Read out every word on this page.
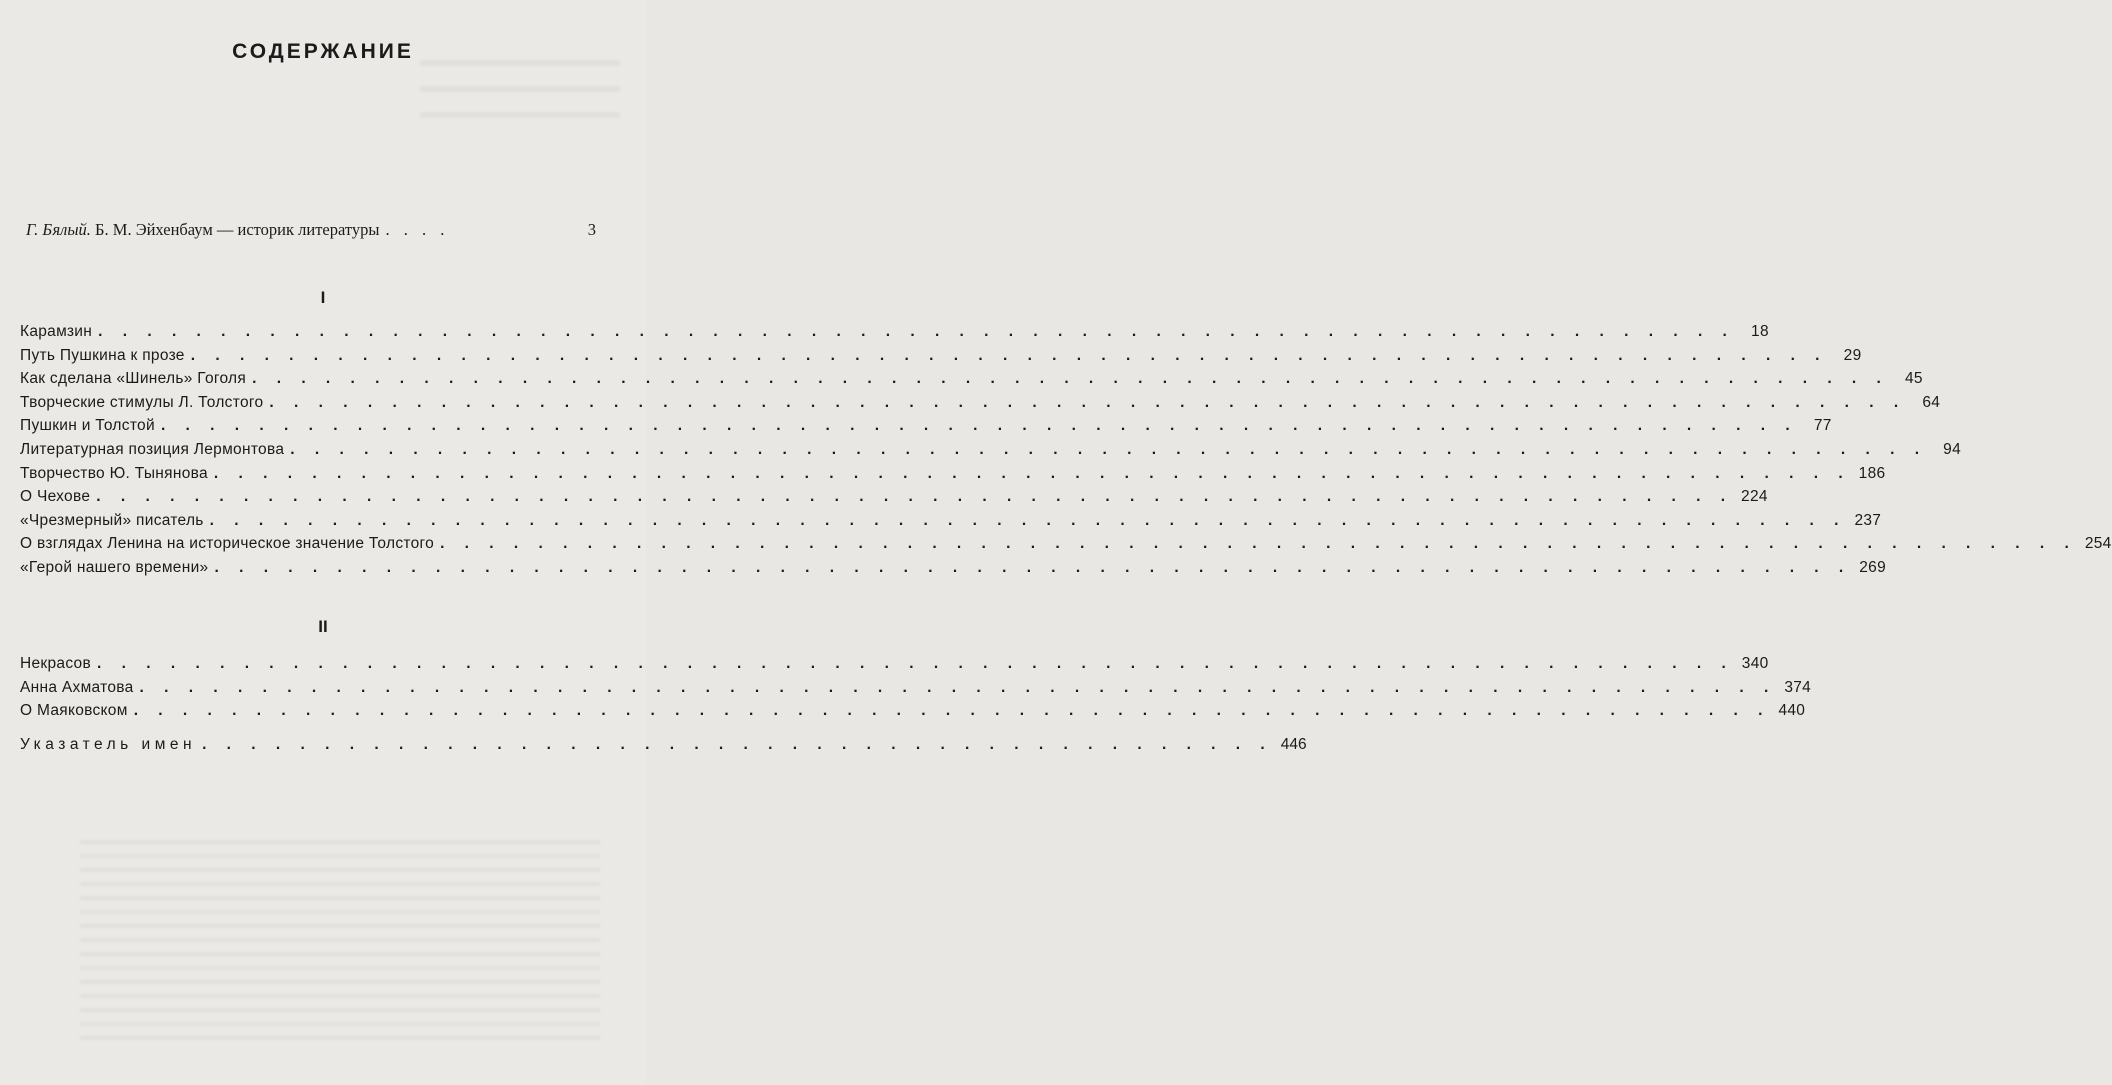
СОДЕРЖАНИЕ
Г. Бялый.
Б. М. Эйхенбаум — историк литературы . . . .	3
I
Карамзин . . .	18
Путь Пушкина к прозе . . .	29
Как сделана «Шинель» Гоголя . . .	45
Творческие стимулы Л. Толстого . . .	64
Пушкин и Толстой . . .	77
Литературная позиция Лермонтова . . .	94
Творчество Ю. Тынянова . . .	186
О Чехове . . .	224
«Чрезмерный» писатель . . .	237
О взглядах Ленина на историческое значение Толстого . . .	254
«Герой нашего времени» . . .	269
II
Некрасов . . .	340
Анна Ахматова . . .	374
О Маяковском . . .	440
Указатель имен . . .	446
